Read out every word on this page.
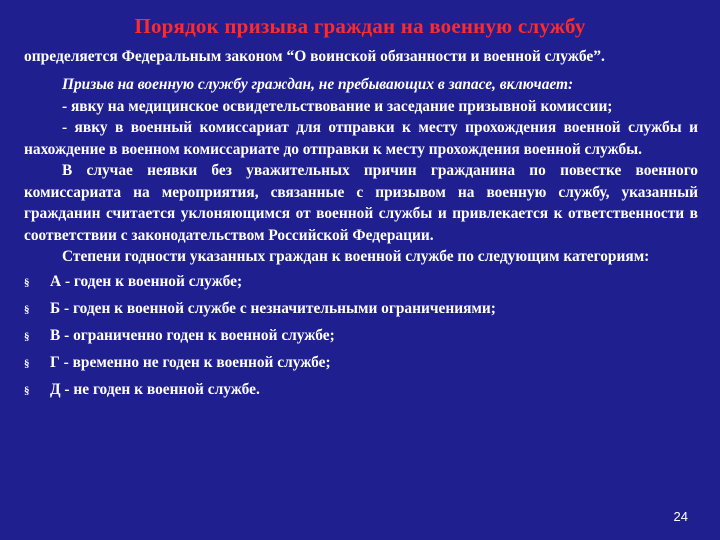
Порядок призыва граждан на военную службу
определяется Федеральным законом “О воинской обязанности и военной службе”.

Призыв на военную службу граждан, не пребывающих в запасе, включает:

- явку на медицинское освидетельствование и заседание призывной комиссии;

- явку в военный комиссариат для отправки к месту прохождения военной службы и нахождение в военном комиссариате до отправки к месту прохождения военной службы.

В случае неявки без уважительных причин гражданина по повестке военного комиссариата на мероприятия, связанные с призывом на военную службу, указанный гражданин считается уклоняющимся от военной службы и привлекается к ответственности в соответствии с законодательством Российской Федерации.

Степени годности указанных граждан к военной службе по следующим категориям:

§	А - годен к военной службе;
§	Б - годен к военной службе с незначительными ограничениями;
§	В - ограниченно годен к военной службе;
§	Г - временно не годен к военной службе;
§	Д - не годен к военной службе.
24
